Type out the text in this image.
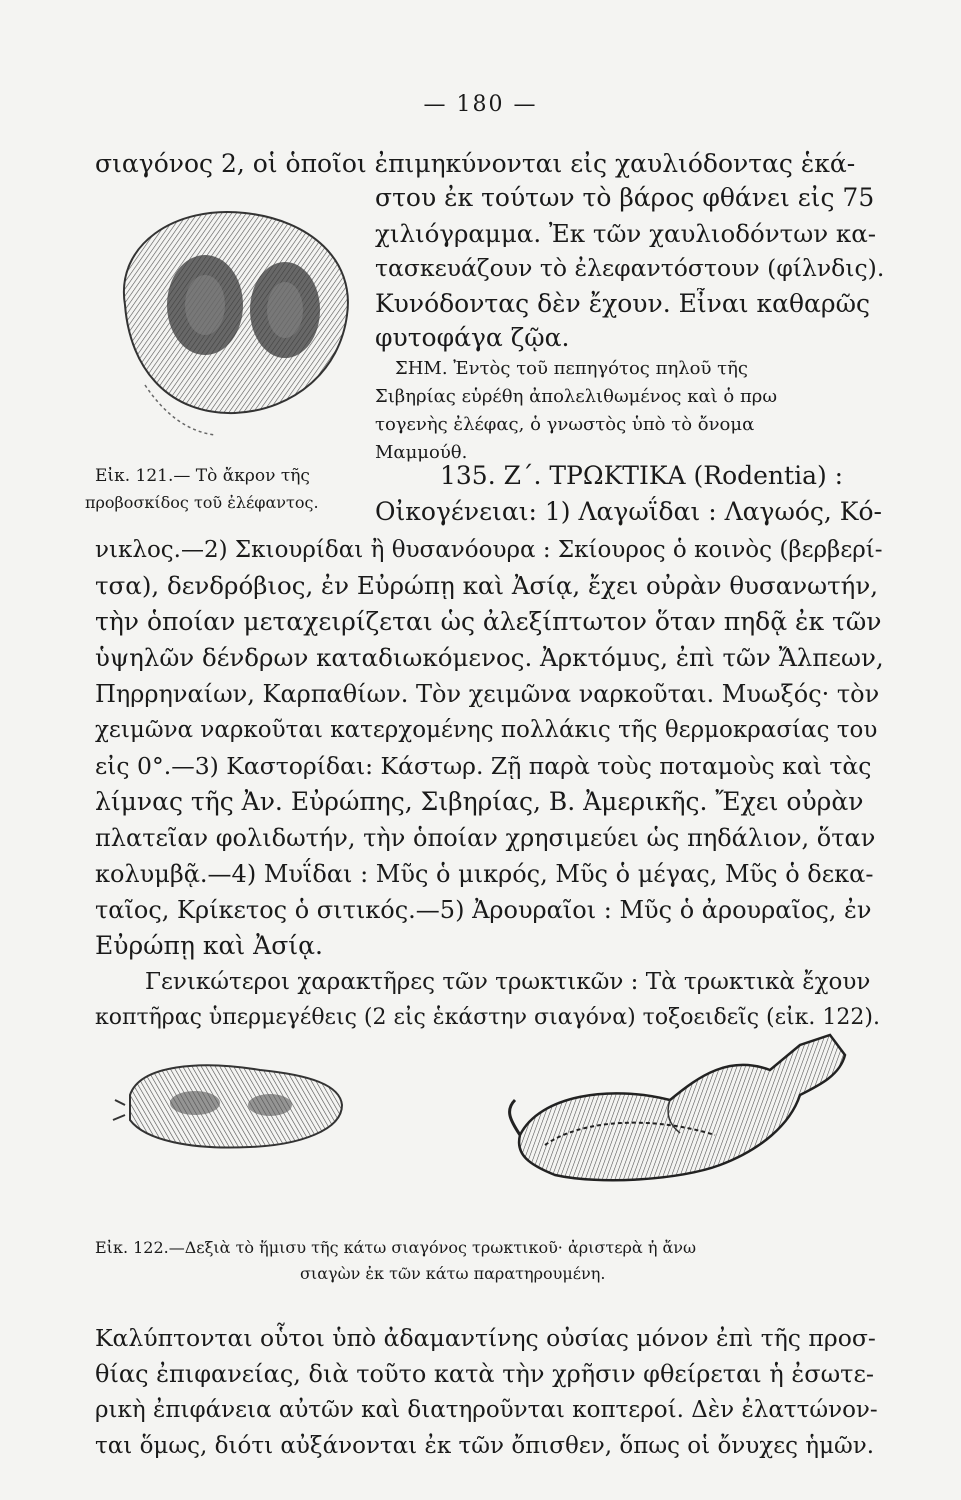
— 180 —
σιαγόνος 2, οἱ ὁποῖοι ἐπιμηκύνονται εἰς χαυλιόδοντας ἑκά-
στου ἐκ τούτων τὸ βάρος φθάνει εἰς 75
χιλιόγραμμα. Ἐκ τῶν χαυλιοδόντων κα-
τασκευάζουν τὸ ἐλεφαντόστουν (φίλνδις).
Κυνόδοντας δὲν ἔχουν. Εἶναι καθαρῶς
φυτοφάγα ζῷα.
ΣΗΜ. Ἐντὸς τοῦ πεπηγότος πηλοῦ τῆς
Σιβηρίας εὑρέθη ἀπολελιθωμένος καὶ ὁ πρω
τογενὴς ἐλέφας, ὁ γνωστὸς ὑπὸ τὸ ὄνομα
Μαμμούθ.
Εἰκ. 121.— Τὸ ἄκρον τῆς
προβοσκίδος τοῦ ἐλέφαντος.
135. Ζ΄. ΤΡΩΚΤΙΚΑ (Rodentia) :
Οἰκογένειαι: 1) Λαγωΐδαι : Λαγωός, Κό-
νικλος.—2) Σκιουρίδαι ἢ θυσανόουρα : Σκίουρος ὁ κοινὸς (βερβερί-
τσα), δενδρόβιος, ἐν Εὐρώπῃ καὶ Ἀσίᾳ, ἔχει οὐρὰν θυσανωτήν,
τὴν ὁποίαν μεταχειρίζεται ὡς ἀλεξίπτωτον ὅταν πηδᾷ ἐκ τῶν
ὑψηλῶν δένδρων καταδιωκόμενος. Ἀρκτόμυς, ἐπὶ τῶν Ἄλπεων,
Πηρρηναίων, Καρπαθίων. Τὸν χειμῶνα ναρκοῦται. Μυωξός· τὸν
χειμῶνα ναρκοῦται κατερχομένης πολλάκις τῆς θερμοκρασίας του
εἰς 0°.—3) Καστορίδαι: Κάστωρ. Ζῇ παρὰ τοὺς ποταμοὺς καὶ τὰς
λίμνας τῆς Ἀν. Εὐρώπης, Σιβηρίας, Β. Ἀμερικῆς. Ἔχει οὐρὰν
πλατεῖαν φολιδωτήν, τὴν ὁποίαν χρησιμεύει ὡς πηδάλιον, ὅταν
κολυμβᾷ.—4) Μυΐδαι : Μῦς ὁ μικρός, Μῦς ὁ μέγας, Μῦς ὁ δεκα-
ταῖος, Κρίκετος ὁ σιτικός.—5) Ἀρουραῖοι : Μῦς ὁ ἀρουραῖος, ἐν
Εὐρώπῃ καὶ Ἀσίᾳ.
Γενικώτεροι χαρακτῆρες τῶν τρωκτικῶν : Τὰ τρωκτικὰ ἔχουν
κοπτῆρας ὑπερμεγέθεις (2 εἰς ἑκάστην σιαγόνα) τοξοειδεῖς (εἰκ. 122).
Εἰκ. 122.—Δεξιὰ τὸ ἥμισυ τῆς κάτω σιαγόνος τρωκτικοῦ· ἀριστερὰ ἡ ἄνω
σιαγὼν ἐκ τῶν κάτω παρατηρουμένη.
Καλύπτονται οὗτοι ὑπὸ ἀδαμαντίνης οὐσίας μόνον ἐπὶ τῆς προσ-
θίας ἐπιφανείας, διὰ τοῦτο κατὰ τὴν χρῆσιν φθείρεται ἡ ἐσωτε-
ρικὴ ἐπιφάνεια αὐτῶν καὶ διατηροῦνται κοπτεροί. Δὲν ἐλαττώνον-
ται ὅμως, διότι αὐξάνονται ἐκ τῶν ὄπισθεν, ὅπως οἱ ὄνυχες ἡμῶν.
